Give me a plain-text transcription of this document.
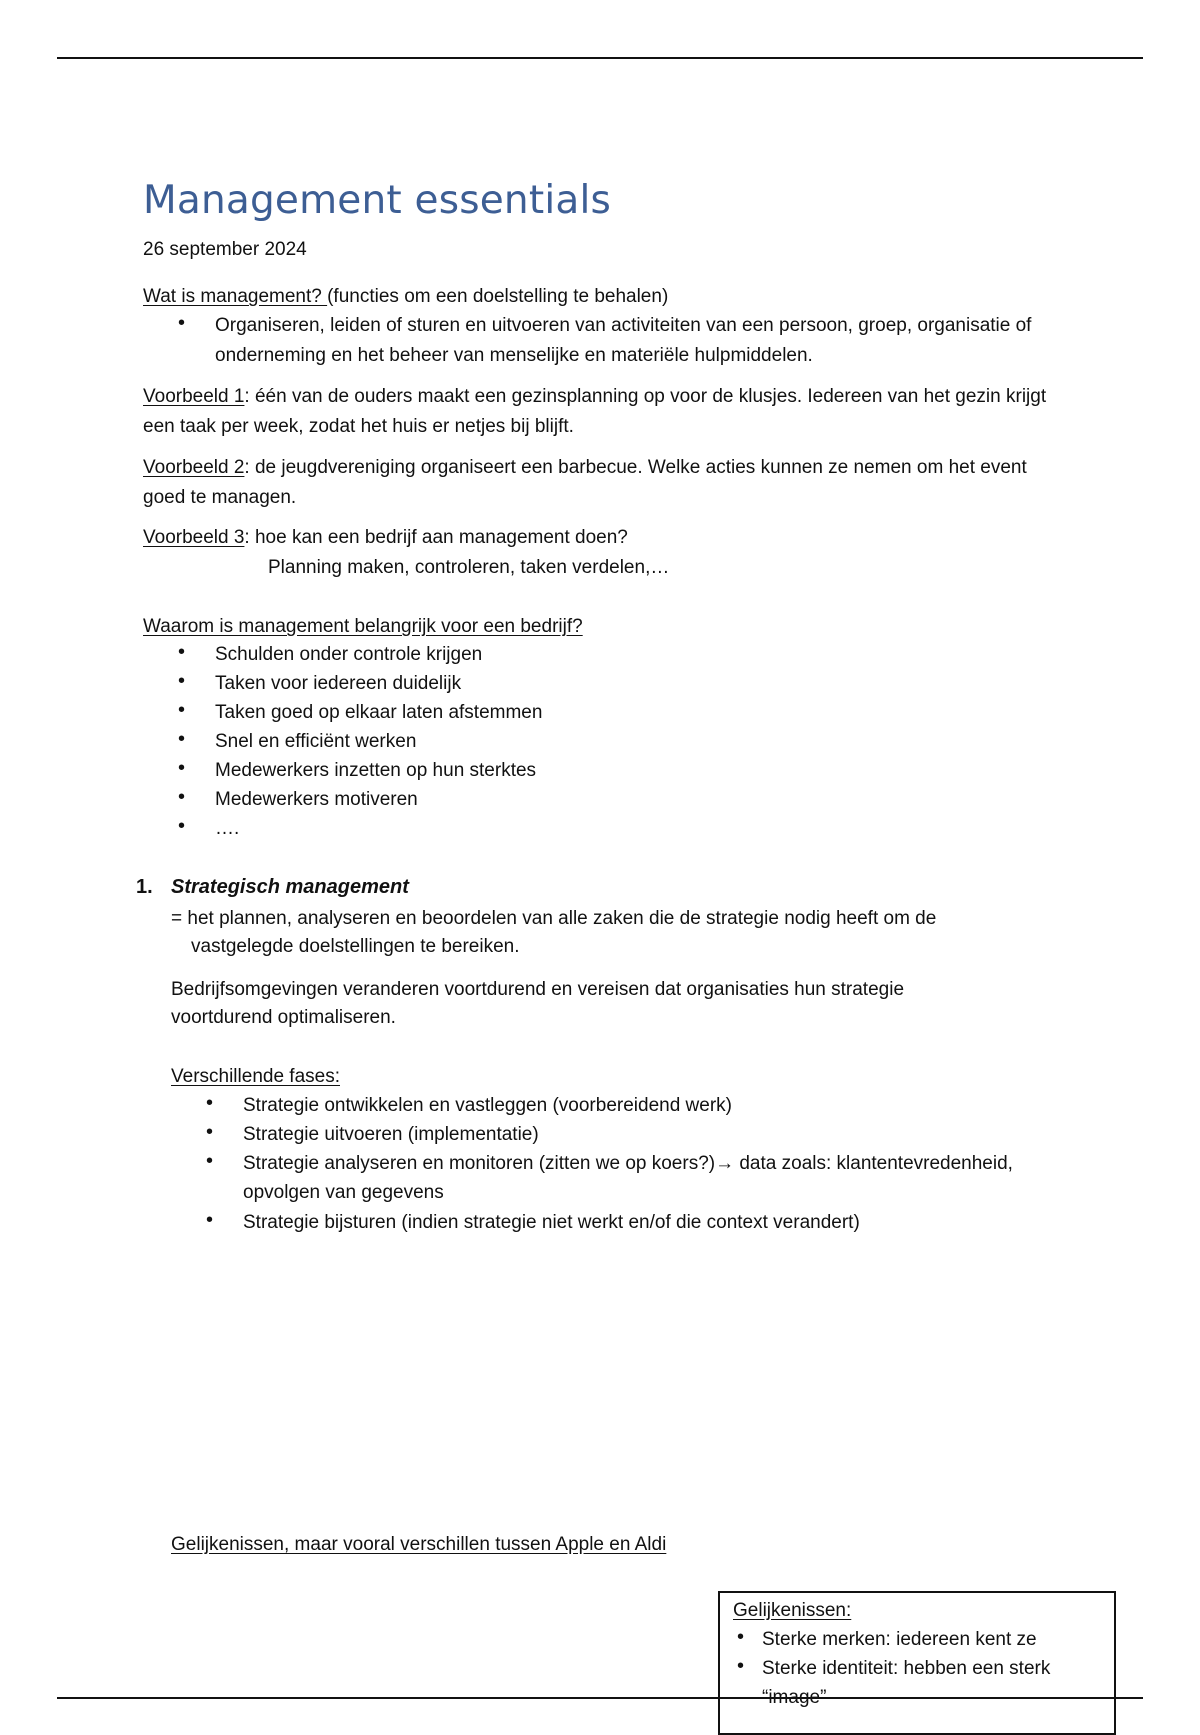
Management essentials
26 september 2024
Wat is management? (functies om een doelstelling te behalen)
• Organiseren, leiden of sturen en uitvoeren van activiteiten van een persoon, groep, organisatie of
onderneming en het beheer van menselijke en materiële hulpmiddelen.
Voorbeeld 1: één van de ouders maakt een gezinsplanning op voor de klusjes. Iedereen van het gezin krijgt
een taak per week, zodat het huis er netjes bij blijft.
Voorbeeld 2: de jeugdvereniging organiseert een barbecue. Welke acties kunnen ze nemen om het event
goed te managen.
Voorbeeld 3: hoe kan een bedrijf aan management doen?
Planning maken, controleren, taken verdelen,…
Waarom is management belangrijk voor een bedrijf?
• Schulden onder controle krijgen
• Taken voor iedereen duidelijk
• Taken goed op elkaar laten afstemmen
• Snel en efficiënt werken
• Medewerkers inzetten op hun sterktes
• Medewerkers motiveren
• ….
1. Strategisch management
= het plannen, analyseren en beoordelen van alle zaken die de strategie nodig heeft om de
vastgelegde doelstellingen te bereiken.
Bedrijfsomgevingen veranderen voortdurend en vereisen dat organisaties hun strategie
voortdurend optimaliseren.
Verschillende fases:
• Strategie ontwikkelen en vastleggen (voorbereidend werk)
• Strategie uitvoeren (implementatie)
• Strategie analyseren en monitoren (zitten we op koers?)→ data zoals: klantentevredenheid,
opvolgen van gegevens
• Strategie bijsturen (indien strategie niet werkt en/of die context verandert)
Gelijkenissen, maar vooral verschillen tussen Apple en Aldi
Gelijkenissen:
• Sterke merken: iedereen kent ze
• Sterke identiteit: hebben een sterk
“image”
